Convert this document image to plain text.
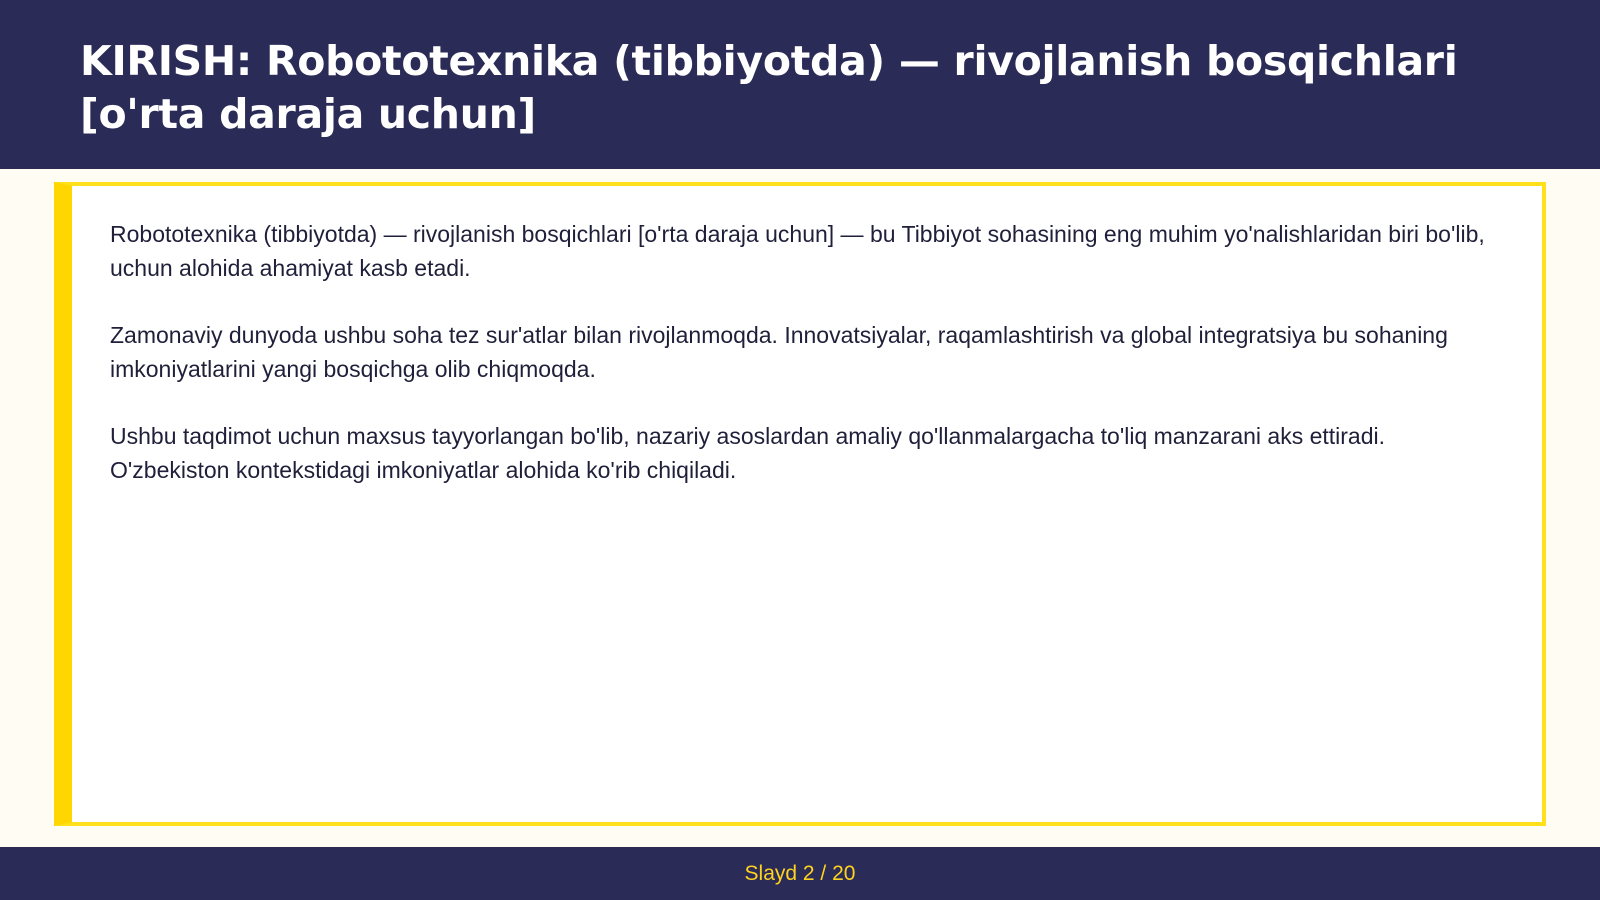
KIRISH: Robototexnika (tibbiyotda) — rivojlanish bosqichlari [o'rta daraja uchun]

Robototexnika (tibbiyotda) — rivojlanish bosqichlari [o'rta daraja uchun] — bu Tibbiyot sohasining eng muhim yo'nalishlaridan biri bo'lib, uchun alohida ahamiyat kasb etadi.

Zamonaviy dunyoda ushbu soha tez sur'atlar bilan rivojlanmoqda. Innovatsiyalar, raqamlashtirish va global integratsiya bu sohaning imkoniyatlarini yangi bosqichga olib chiqmoqda.

Ushbu taqdimot uchun maxsus tayyorlangan bo'lib, nazariy asoslardan amaliy qo'llanmalargacha to'liq manzarani aks ettiradi. O'zbekiston kontekstidagi imkoniyatlar alohida ko'rib chiqiladi.

Slayd 2 / 20
